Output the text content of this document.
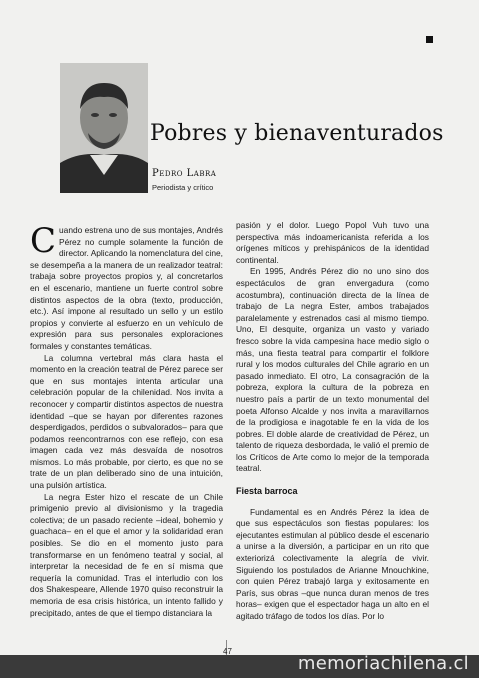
Pobres y bienaventurados
Pedro Labra
Periodista y crítico

Cuando estrena uno de sus montajes, Andrés Pérez no cumple solamente la función de director. Aplicando la nomenclatura del cine, se desempeña a la manera de un realizador teatral: trabaja sobre proyectos propios y, al concretarlos en el escenario, mantiene un fuerte control sobre distintos aspectos de la obra (texto, producción, etc.). Así impone al resultado un sello y un estilo propios y convierte al esfuerzo en un vehículo de expresión para sus personales exploraciones formales y constantes temáticas.

La columna vertebral más clara hasta el momento en la creación teatral de Pérez parece ser que en sus montajes intenta articular una celebración popular de la chilenidad. Nos invita a reconocer y compartir distintos aspectos de nuestra identidad –que se hayan por diferentes razones desperdigados, perdidos o subvalorados– para que podamos reencontrarnos con ese reflejo, con esa imagen cada vez más desvaída de nosotros mismos. Lo más probable, por cierto, es que no se trate de un plan deliberado sino de una intuición, una pulsión artística.

La negra Ester hizo el rescate de un Chile primigenio previo al divisionismo y la tragedia colectiva; de un pasado reciente –ideal, bohemio y guachaca– en el que el amor y la solidaridad eran posibles. Se dio en el momento justo para transformarse en un fenómeno teatral y social, al interpretar la necesidad de fe en sí misma que requería la comunidad. Tras el interludio con los dos Shakespeare, Allende 1970 quiso reconstruir la memoria de esa crisis histórica, un intento fallido y precipitado, antes de que el tiempo distanciara la

pasión y el dolor. Luego Popol Vuh tuvo una perspectiva más indoamericanista referida a los orígenes míticos y prehispánicos de la identidad continental.

En 1995, Andrés Pérez dio no uno sino dos espectáculos de gran envergadura (como acostumbra), continuación directa de la línea de trabajo de La negra Ester, ambos trabajados paralelamente y estrenados casi al mismo tiempo. Uno, El desquite, organiza un vasto y variado fresco sobre la vida campesina hace medio siglo o más, una fiesta teatral para compartir el folklore rural y los modos culturales del Chile agrario en un pasado inmediato. El otro, La consagración de la pobreza, explora la cultura de la pobreza en nuestro país a partir de un texto monumental del poeta Alfonso Alcalde y nos invita a maravillarnos de la prodigiosa e inagotable fe en la vida de los pobres. El doble alarde de creatividad de Pérez, un talento de riqueza desbordada, le valió el premio de los Críticos de Arte como lo mejor de la temporada teatral.

Fiesta barroca

Fundamental es en Andrés Pérez la idea de que sus espectáculos son fiestas populares: los ejecutantes estimulan al público desde el escenario a unirse a la diversión, a participar en un rito que exteriorizá colectivamente la alegría de vivir. Siguiendo los postulados de Arianne Mnouchkine, con quien Pérez trabajó larga y exitosamente en París, sus obras –que nunca duran menos de tres horas– exigen que el espectador haga un alto en el agitado tráfago de todos los días. Por lo

47
memoriachilena.cl
